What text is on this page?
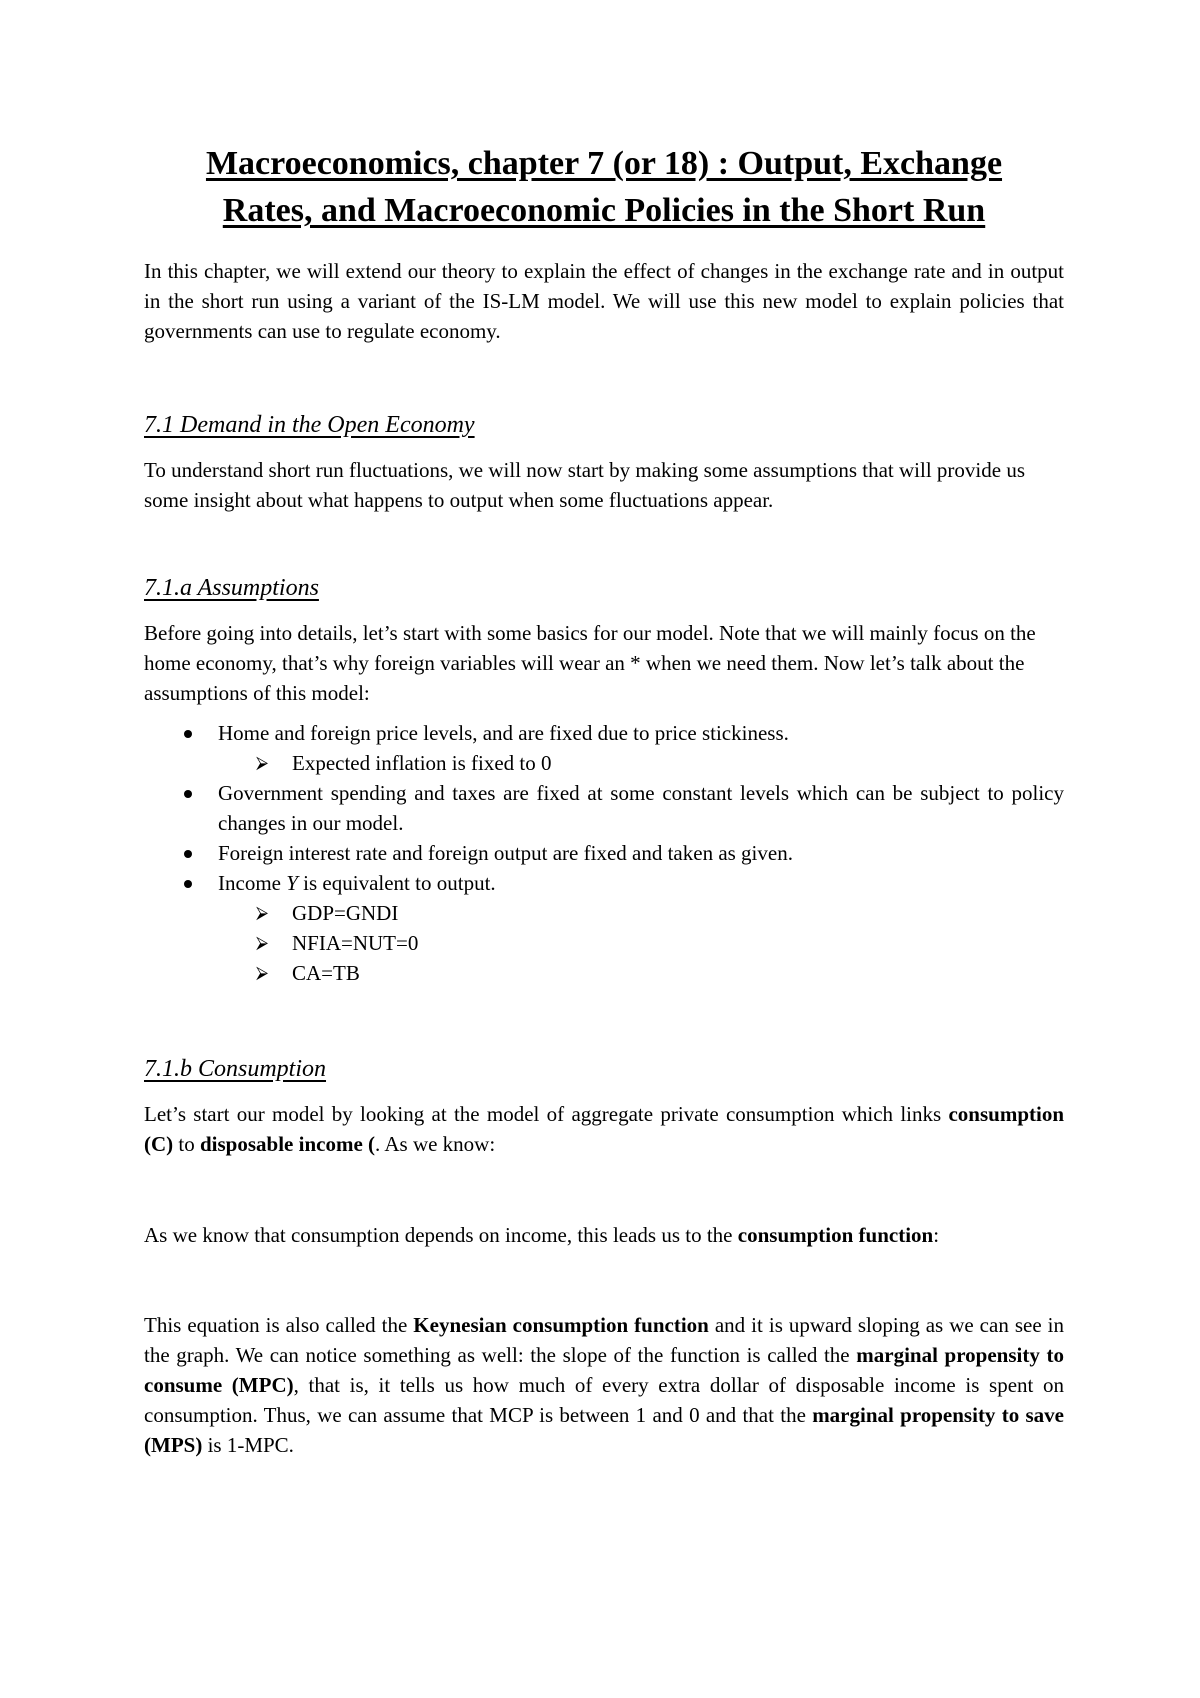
Macroeconomics, chapter 7 (or 18) : Output, Exchange
Rates, and Macroeconomic Policies in the Short Run

In this chapter, we will extend our theory to explain the effect of changes in the exchange rate and in output in the short run using a variant of the IS-LM model. We will use this new model to explain policies that governments can use to regulate economy.

7.1 Demand in the Open Economy

To understand short run fluctuations, we will now start by making some assumptions that will provide us some insight about what happens to output when some fluctuations appear.

7.1.a Assumptions

Before going into details, let’s start with some basics for our model. Note that we will mainly focus on the home economy, that’s why foreign variables will wear an * when we need them. Now let’s talk about the assumptions of this model:

Home and foreign price levels, and are fixed due to price stickiness.
⮚ Expected inflation is fixed to 0
Government spending and taxes are fixed at some constant levels which can be subject to policy changes in our model.
Foreign interest rate and foreign output are fixed and taken as given.
Income Y is equivalent to output.
⮚ GDP=GNDI
⮚ NFIA=NUT=0
⮚ CA=TB
7.1.b Consumption

Let’s start our model by looking at the model of aggregate private consumption which links consumption (C) to disposable income (. As we know:

As we know that consumption depends on income, this leads us to the consumption function:

This equation is also called the Keynesian consumption function and it is upward sloping as we can see in the graph. We can notice something as well: the slope of the function is called the marginal propensity to consume (MPC), that is, it tells us how much of every extra dollar of disposable income is spent on consumption. Thus, we can assume that MCP is between 1 and 0 and that the marginal propensity to save (MPS) is 1-MPC.
